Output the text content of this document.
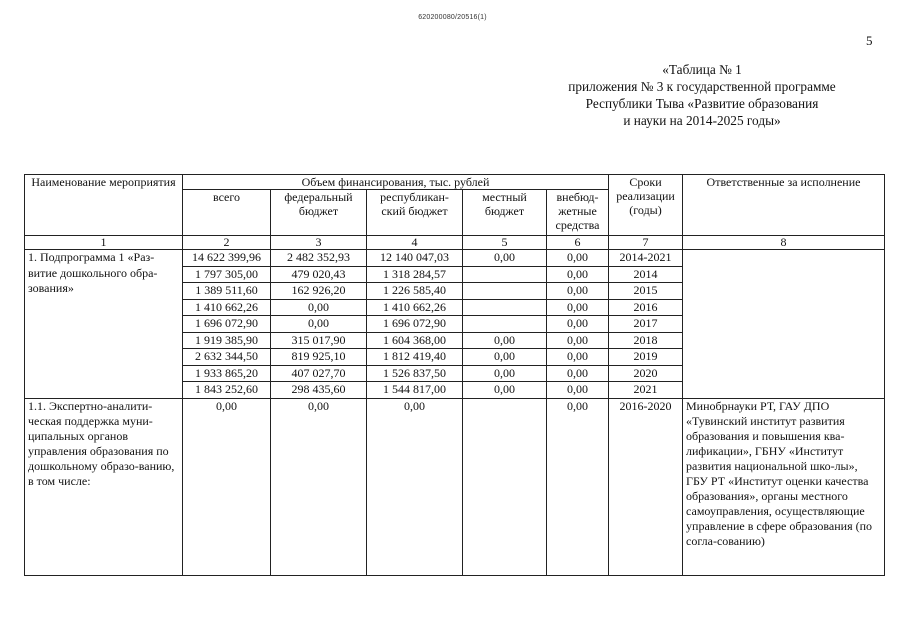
620200080/20516(1)
5
«Таблица № 1
приложения № 3 к государственной программе
Республики Тыва «Развитие образования
и науки на 2014-2025 годы»
Наименование мероприятия	Объем финансирования, тыс. рублей					Сроки реализации (годы)	Ответственные за исполнение
	всего	федеральный бюджет	республикан-ский бюджет	местный бюджет	внебюд-жетные средства		
1	2	3	4	5	6	7	8
1. Подпрограмма 1 «Раз-витие дошкольного обра-зования»	14 622 399,96	2 482 352,93	12 140 047,03	0,00	0,00	2014-2021	
	1 797 305,00	479 020,43	1 318 284,57		0,00	2014	
	1 389 511,60	162 926,20	1 226 585,40		0,00	2015	
	1 410 662,26	0,00	1 410 662,26		0,00	2016	
	1 696 072,90	0,00	1 696 072,90		0,00	2017	
	1 919 385,90	315 017,90	1 604 368,00	0,00	0,00	2018	
	2 632 344,50	819 925,10	1 812 419,40	0,00	0,00	2019	
	1 933 865,20	407 027,70	1 526 837,50	0,00	0,00	2020	
	1 843 252,60	298 435,60	1 544 817,00	0,00	0,00	2021	
1.1. Экспертно-аналити-ческая поддержка муни-ципальных органов управления образования по дошкольному образо-ванию, в том числе:	0,00	0,00	0,00		0,00	2016-2020	Минобрнауки РТ, ГАУ ДПО «Тувинский институт развития образования и повышения ква-лификации», ГБНУ «Институт развития национальной шко-лы», ГБУ РТ «Институт оценки качества образования», органы местного самоуправления, осуществляющие управление в сфере образования (по согла-сованию)
